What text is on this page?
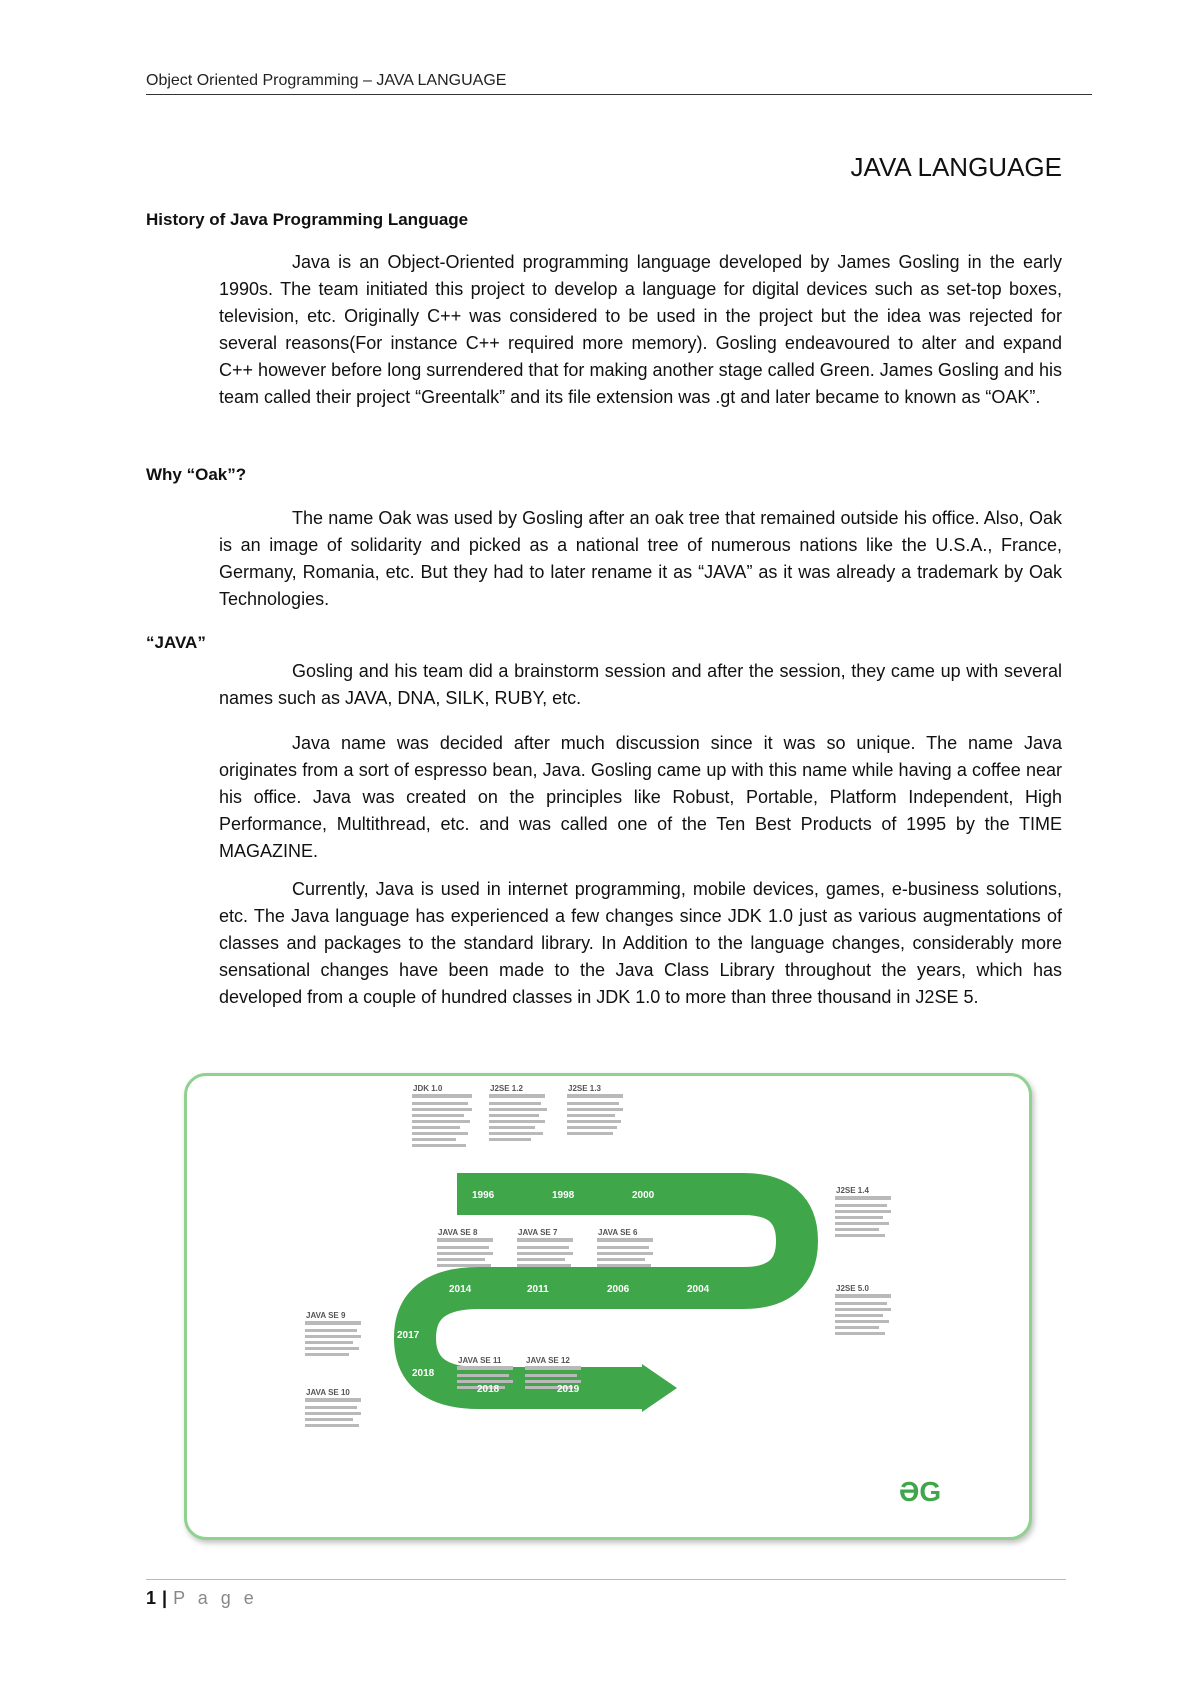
Object Oriented Programming – JAVA LANGUAGE
JAVA LANGUAGE
History of Java Programming Language
Java is an Object-Oriented programming language developed by James Gosling in the early 1990s. The team initiated this project to develop a language for digital devices such as set-top boxes, television, etc. Originally C++ was considered to be used in the project but the idea was rejected for several reasons(For instance C++ required more memory). Gosling endeavoured to alter and expand C++ however before long surrendered that for making another stage called Green. James Gosling and his team called their project “Greentalk” and its file extension was .gt and later became to known as “OAK”.
Why “Oak”?
The name Oak was used by Gosling after an oak tree that remained outside his office. Also, Oak is an image of solidarity and picked as a national tree of numerous nations like the U.S.A., France, Germany, Romania, etc. But they had to later rename it as “JAVA” as it was already a trademark by Oak Technologies.
“JAVA”
Gosling and his team did a brainstorm session and after the session, they came up with several names such as JAVA, DNA, SILK, RUBY, etc.
Java name was decided after much discussion since it was so unique. The name Java originates from a sort of espresso bean, Java. Gosling came up with this name while having a coffee near his office. Java was created on the principles like Robust, Portable, Platform Independent, High Performance, Multithread, etc. and was called one of the Ten Best Products of 1995 by the TIME MAGAZINE.
Currently, Java is used in internet programming, mobile devices, games, e-business solutions, etc. The Java language has experienced a few changes since JDK 1.0 just as various augmentations of classes and packages to the standard library. In Addition to the language changes, considerably more sensational changes have been made to the Java Class Library throughout the years, which has developed from a couple of hundred classes in JDK 1.0 to more than three thousand in J2SE 5.
JDK 1.0	J2SE 1.2	J2SE 1.3
J2SE 1.4
J2SE 5.0
JAVA SE 6
JAVA SE 7
JAVA SE 8
JAVA SE 9
JAVA SE 10
JAVA SE 11	JAVA SE 12
1996	1998	2000
2002
2004
2006
2011
2014
2017
2018
2018	2019
ƏG
1 | P a g e
